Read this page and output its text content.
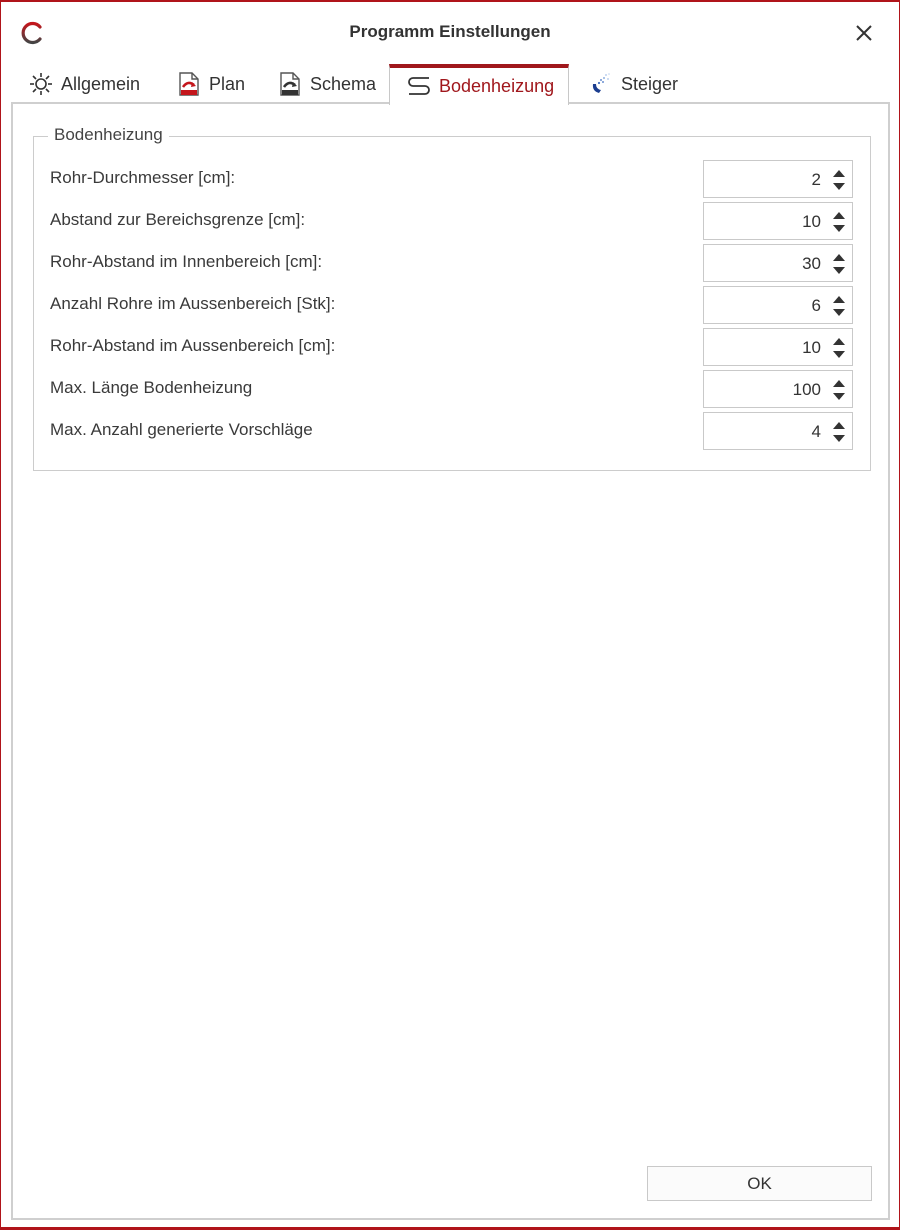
Programm Einstellungen
Allgemein	Plan	Schema	Bodenheizung	Steiger
Bodenheizung
Rohr-Durchmesser [cm]:	2
Abstand zur Bereichsgrenze [cm]:	10
Rohr-Abstand im Innenbereich [cm]:	30
Anzahl Rohre im Aussenbereich [Stk]:	6
Rohr-Abstand im Aussenbereich [cm]:	10
Max. Länge Bodenheizung	100
Max. Anzahl generierte Vorschläge	4
OK
